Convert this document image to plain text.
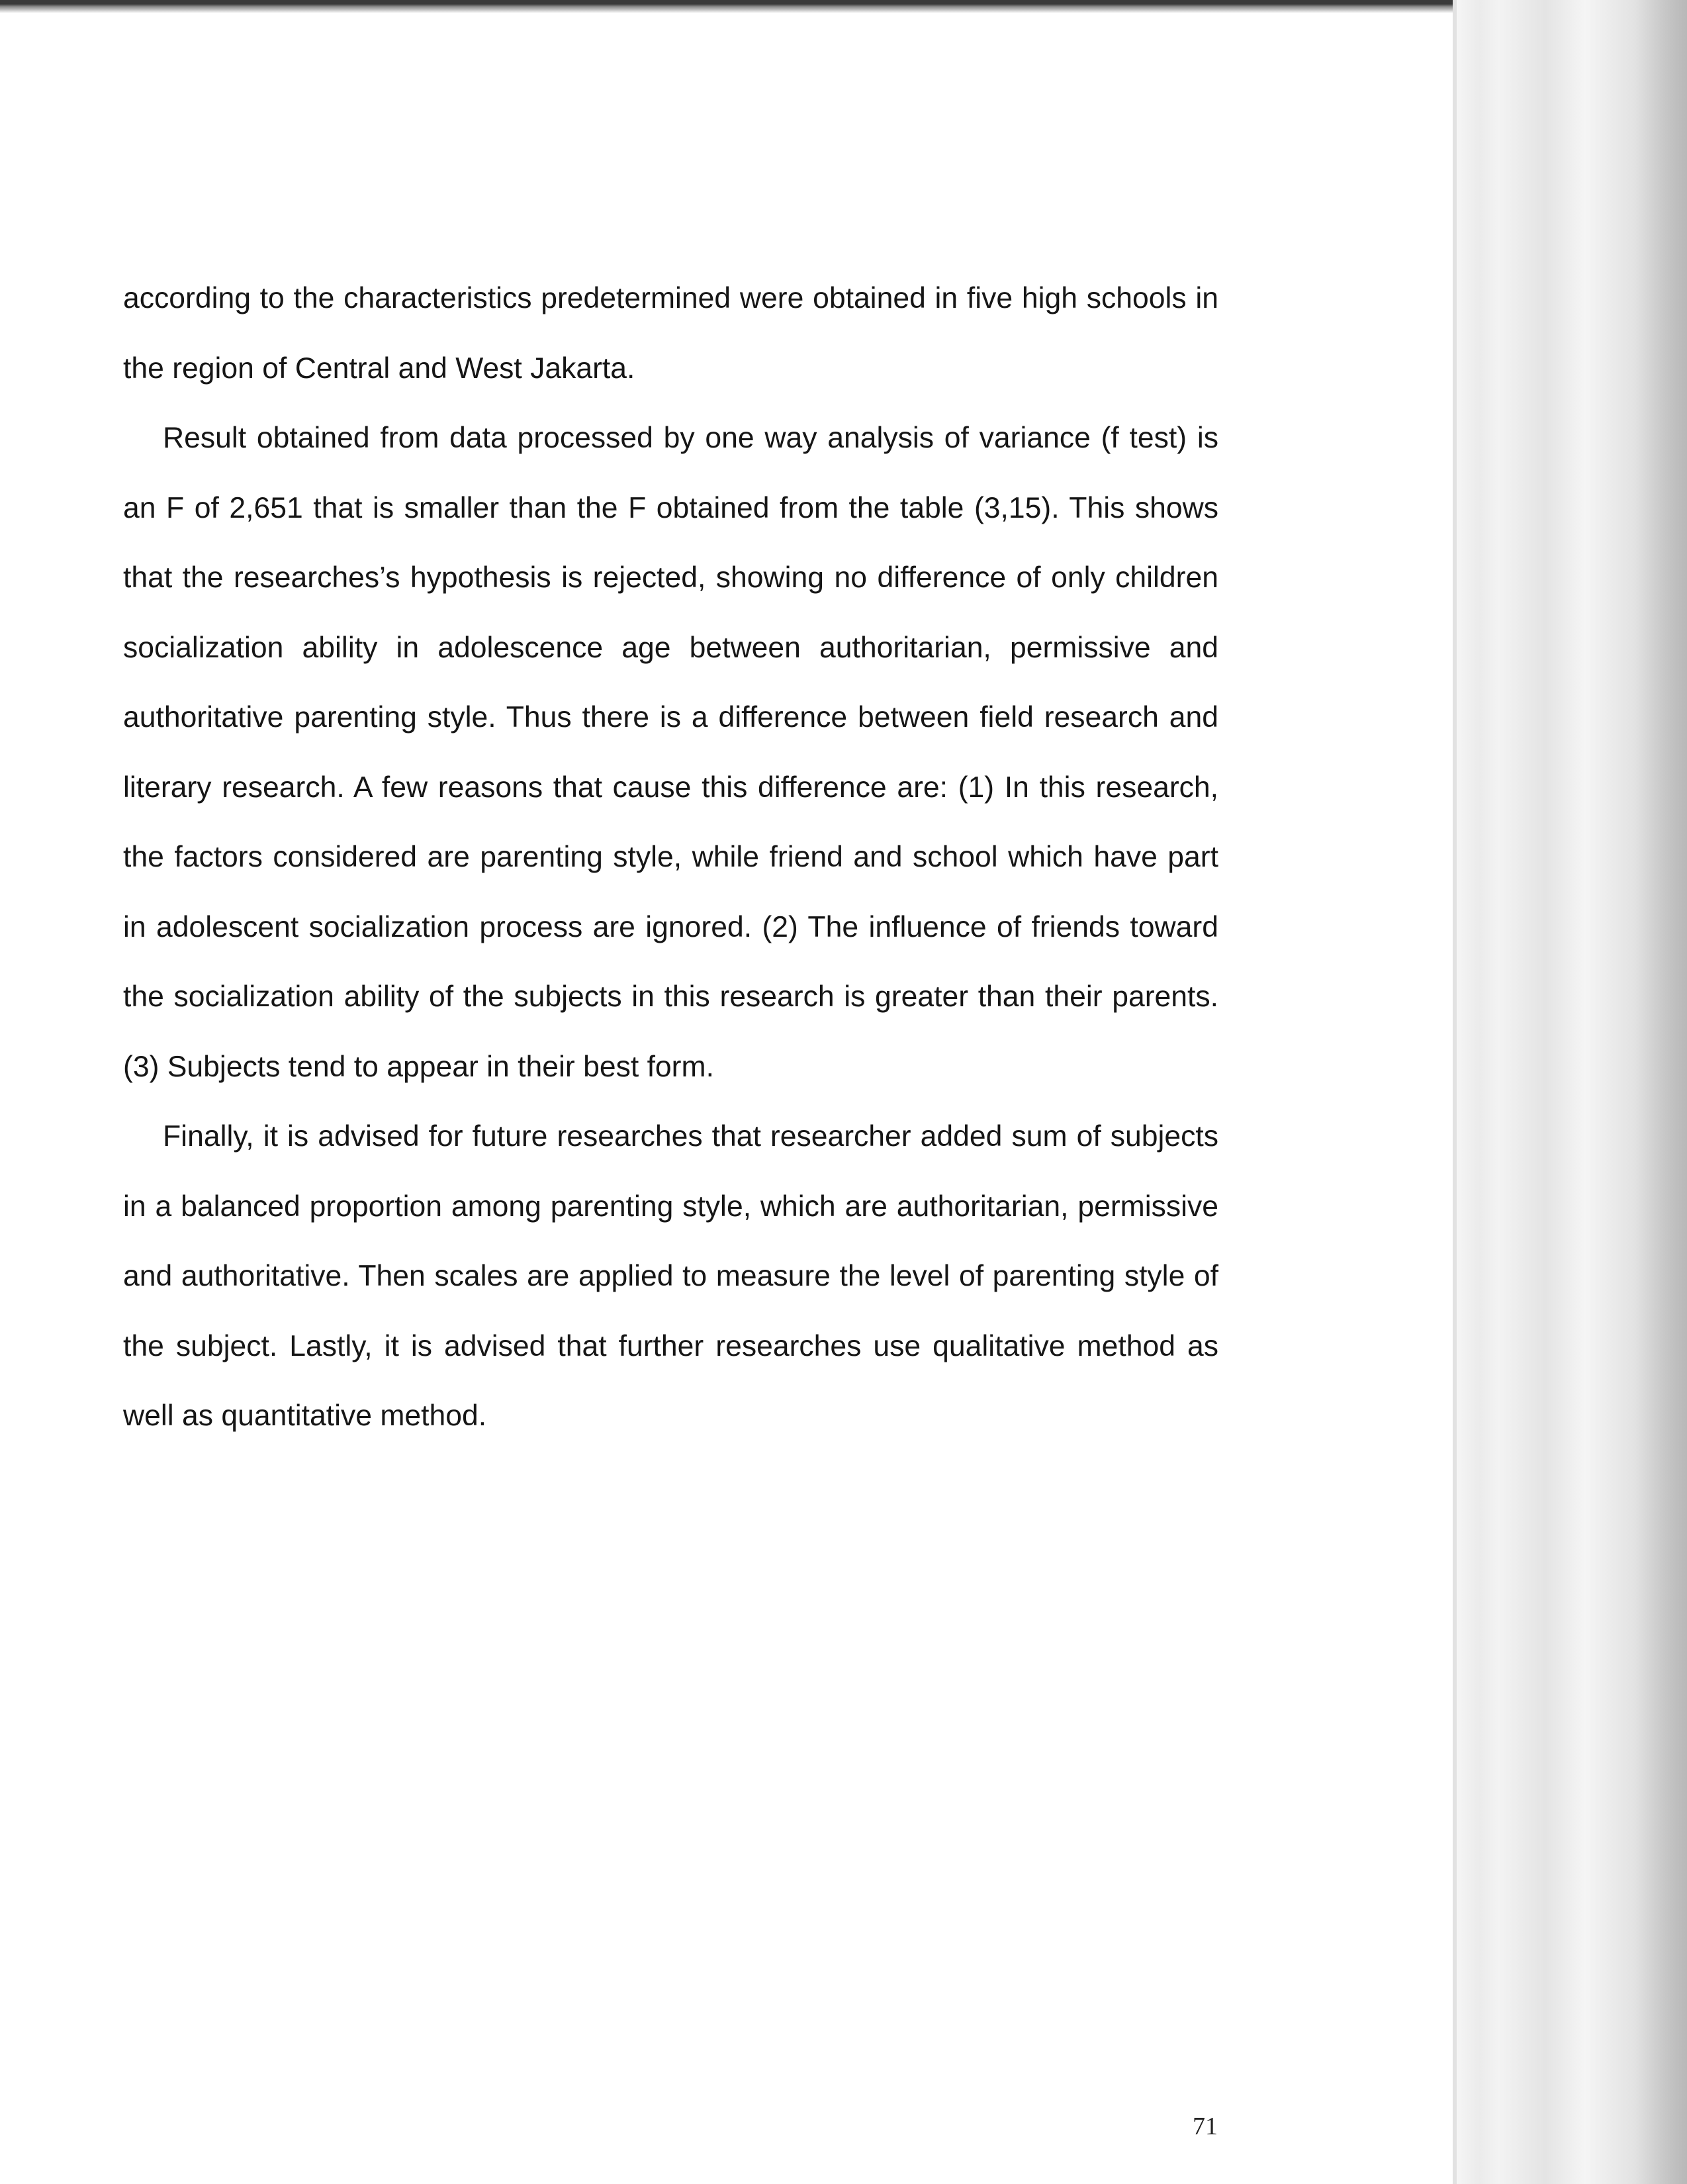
according to the characteristics predetermined were obtained in five high schools in the region of Central and West Jakarta.

Result obtained from data processed by one way analysis of variance (f test) is an F of 2,651 that is smaller than the F obtained from the table (3,15). This shows that the researches’s hypothesis is rejected, showing no difference of only children socialization ability in adolescence age between authoritarian, permissive and authoritative parenting style. Thus there is a difference between field research and literary research. A few reasons that cause this difference are: (1) In this research, the factors considered are parenting style, while friend and school which have part in adolescent socialization process are ignored. (2) The influence of friends toward the socialization ability of the subjects in this research is greater than their parents. (3) Subjects tend to appear in their best form.

Finally, it is advised for future researches that researcher added sum of subjects in a balanced proportion among parenting style, which are authoritarian, permissive and authoritative. Then scales are applied to measure the level of parenting style of the subject. Lastly, it is advised that further researches use qualitative method as well as quantitative method.

71
